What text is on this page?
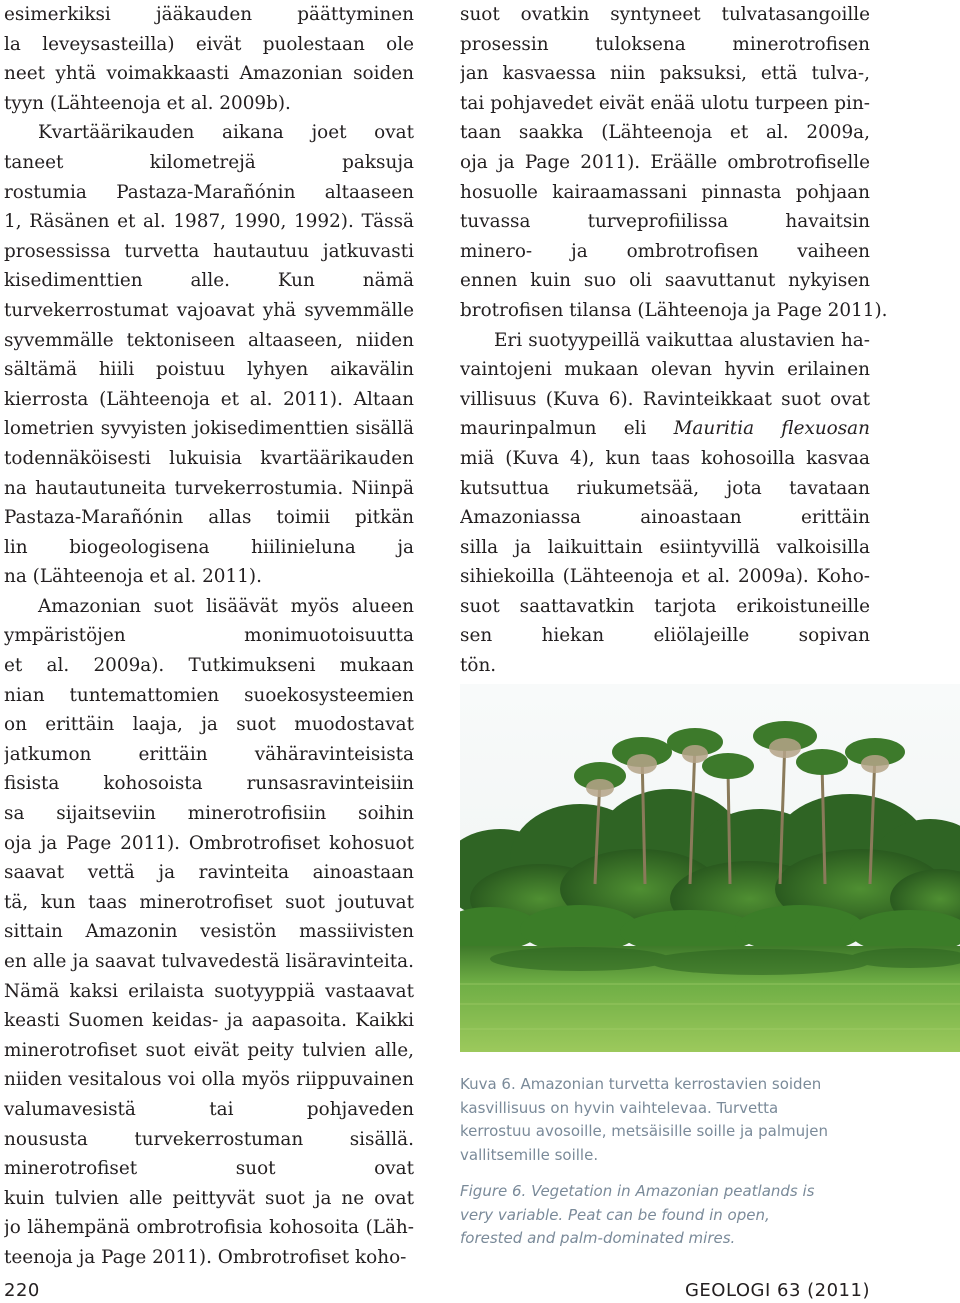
esimerkiksi jääkauden päättyminen
la leveysasteilla) eivät puolestaan ole
neet yhtä voimakkaasti Amazonian soiden
tyyn (Lähteenoja et al. 2009b).
Kvartäärikauden aikana joet ovat
taneet kilometrejä paksuja
rostumia Pastaza-Marañónin altaaseen
1, Räsänen et al. 1987, 1990, 1992). Tässä
prosessissa turvetta hautautuu jatkuvasti
kisedimenttien alle. Kun nämä
turvekerrostumat vajoavat yhä syvemmälle
syvemmälle tektoniseen altaaseen, niiden
sältämä hiili poistuu lyhyen aikavälin
kierrosta (Lähteenoja et al. 2011). Altaan
lometrien syvyisten jokisedimenttien sisällä
todennäköisesti lukuisia kvartäärikauden
na hautautuneita turvekerrostumia. Niinpä
Pastaza-Marañónin allas toimii pitkän
lin biogeologisena hiilinieluna ja
na (Lähteenoja et al. 2011).
Amazonian suot lisäävät myös alueen
ympäristöjen monimuotoisuutta
et al. 2009a). Tutkimukseni mukaan
nian tuntemattomien suoekosysteemien
on erittäin laaja, ja suot muodostavat
jatkumon erittäin vähäravinteisista
fisista kohosoista runsasravinteisiin
sa sijaitseviin minerotrofisiin soihin
oja ja Page 2011). Ombrotrofiset kohosuot
saavat vettä ja ravinteita ainoastaan
tä, kun taas minerotrofiset suot joutuvat
sittain Amazonin vesistön massiivisten
en alle ja saavat tulvavedestä lisäravinteita.
Nämä kaksi erilaista suotyyppiä vastaavat
keasti Suomen keidas- ja aapasoita. Kaikki
minerotrofiset suot eivät peity tulvien alle,
niiden vesitalous voi olla myös riippuvainen
valumavesistä tai pohjaveden
noususta turvekerrostuman sisällä.
minerotrofiset suot ovat
kuin tulvien alle peittyvät suot ja ne ovat
jo lähempänä ombrotrofisia kohosoita (Läh-
teenoja ja Page 2011). Ombrotrofiset koho-
suot ovatkin syntyneet tulvatasangoille
prosessin tuloksena minerotrofisen
jan kasvaessa niin paksuksi, että tulva-,
tai pohjavedet eivät enää ulotu turpeen pin-
taan saakka (Lähteenoja et al. 2009a,
oja ja Page 2011). Eräälle ombrotrofiselle
hosuolle kairaamassani pinnasta pohjaan
tuvassa turveprofiilissa havaitsin
minero- ja ombrotrofisen vaiheen
ennen kuin suo oli saavuttanut nykyisen
brotrofisen tilansa (Lähteenoja ja Page 2011).
Eri suotyypeillä vaikuttaa alustavien ha-
vaintojeni mukaan olevan hyvin erilainen
villisuus (Kuva 6). Ravinteikkaat suot ovat
maurinpalmun eli Mauritia flexuosan
miä (Kuva 4), kun taas kohosoilla kasvaa
kutsuttua riukumetsää, jota tavataan
Amazoniassa ainoastaan erittäin
silla ja laikuittain esiintyvillä valkoisilla
sihiekoilla (Lähteenoja et al. 2009a). Koho-
suot saattavatkin tarjota erikoistuneille
sen hiekan eliölajeille sopivan
tön.
Kuva 6. Amazonian turvetta kerrostavien soiden
kasvillisuus on hyvin vaihtelevaa. Turvetta
kerrostuu avosoille, metsäisille soille ja palmujen
vallitsemille soille.
Figure 6. Vegetation in Amazonian peatlands is
very variable. Peat can be found in open,
forested and palm-dominated mires.
220	GEOLOGI 63 (2011)
